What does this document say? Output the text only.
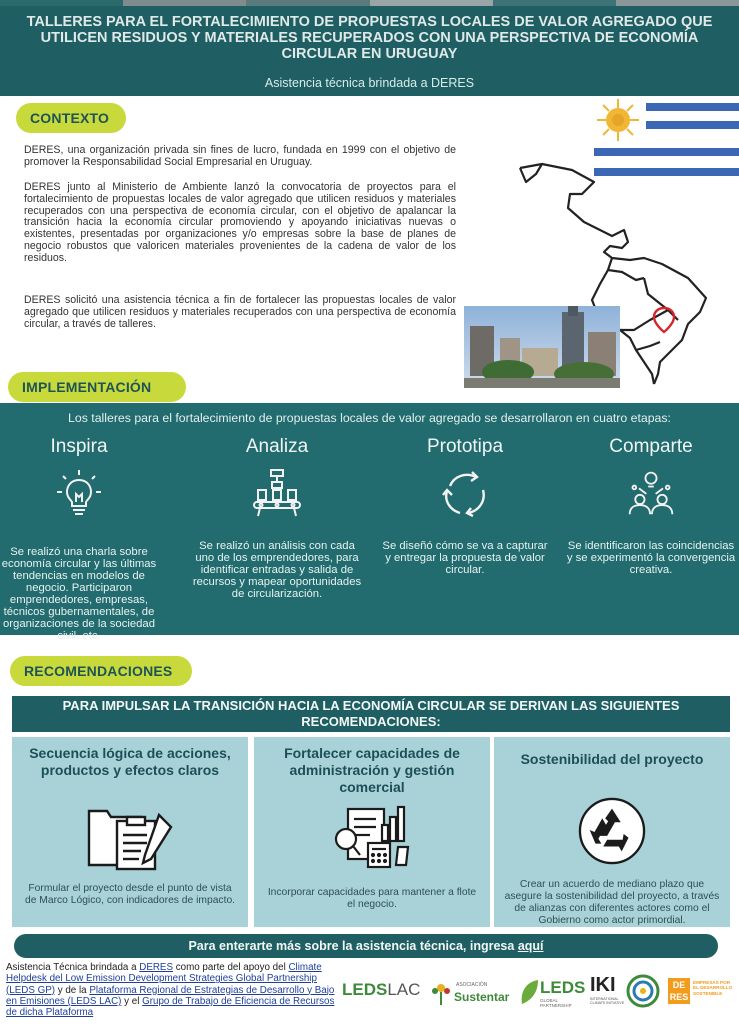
TALLERES PARA EL FORTALECIMIENTO DE PROPUESTAS LOCALES DE VALOR AGREGADO QUE UTILICEN RESIDUOS Y MATERIALES RECUPERADOS CON UNA PERSPECTIVA DE ECONOMÍA CIRCULAR EN URUGUAY
Asistencia técnica brindada a DERES
CONTEXTO

DERES, una organización privada sin fines de lucro, fundada en 1999 con el objetivo de promover la Responsabilidad Social Empresarial en Uruguay.

DERES junto al Ministerio de Ambiente lanzó la convocatoria de proyectos para el fortalecimiento de propuestas locales de valor agregado que utilicen residuos y materiales recuperados con una perspectiva de economía circular, con el objetivo de apalancar la transición hacia la economía circular promoviendo y apoyando iniciativas nuevas o existentes, presentadas por organizaciones y/o empresas sobre la base de planes de negocio robustos que valoricen materiales provenientes de la cadena de valor de los residuos.

DERES solicitó una asistencia técnica a fin de fortalecer las propuestas locales de valor agregado que utilicen residuos y materiales recuperados con una perspectiva de economía circular, a través de talleres.

IMPLEMENTACIÓN
Los talleres para el fortalecimiento de propuestas locales de valor agregado se desarrollaron en cuatro etapas:
Inspira

Se realizó una charla sobre economía circular y las últimas tendencias en modelos de negocio. Participaron emprendedores, empresas, técnicos gubernamentales, de organizaciones de la sociedad civil, etc.

Analiza

Se realizó un análisis con cada uno de los emprendedores, para identificar entradas y salida de recursos y mapear oportunidades de circularización.

Prototipa

Se diseñó cómo se va a capturar y entregar la propuesta de valor circular.

Comparte

Se identificaron las coincidencias y se experimentó la convergencia creativa.

RECOMENDACIONES
PARA IMPULSAR LA TRANSICIÓN HACIA LA ECONOMÍA CIRCULAR SE DERIVAN LAS SIGUIENTES RECOMENDACIONES:
Secuencia lógica de acciones, productos y efectos claros

Formular el proyecto desde el punto de vista de Marco Lógico, con indicadores de impacto.

Fortalecer capacidades de administración y gestión comercial

Incorporar capacidades para mantener a flote el negocio.

Sostenibilidad del proyecto

Crear un acuerdo de mediano plazo que asegure la sostenibilidad del proyecto, a través de alianzas con diferentes actores como el Gobierno como actor primordial.

Para enterarte más sobre la asistencia técnica, ingresa aquí

Asistencia Técnica brindada a DERES como parte del apoyo del Climate Helpdesk del Low Emission Development Strategies Global Partnership (LEDS GP) y de la Plataforma Regional de Estrategias de Desarrollo y Bajo en Emisiones (LEDS LAC) y el Grupo de Trabajo de Eficiencia de Recursos de dicha Plataforma

LEDSLAC	ASOCIACIÓN
Sustentar LEDS
GLOBAL PARTNERSHIP
IKI
INTERNATIONAL CLIMATE INITIATIVE
DE
RES
EMPRESAS POR EL DESARROLLO SOSTENIBLE
